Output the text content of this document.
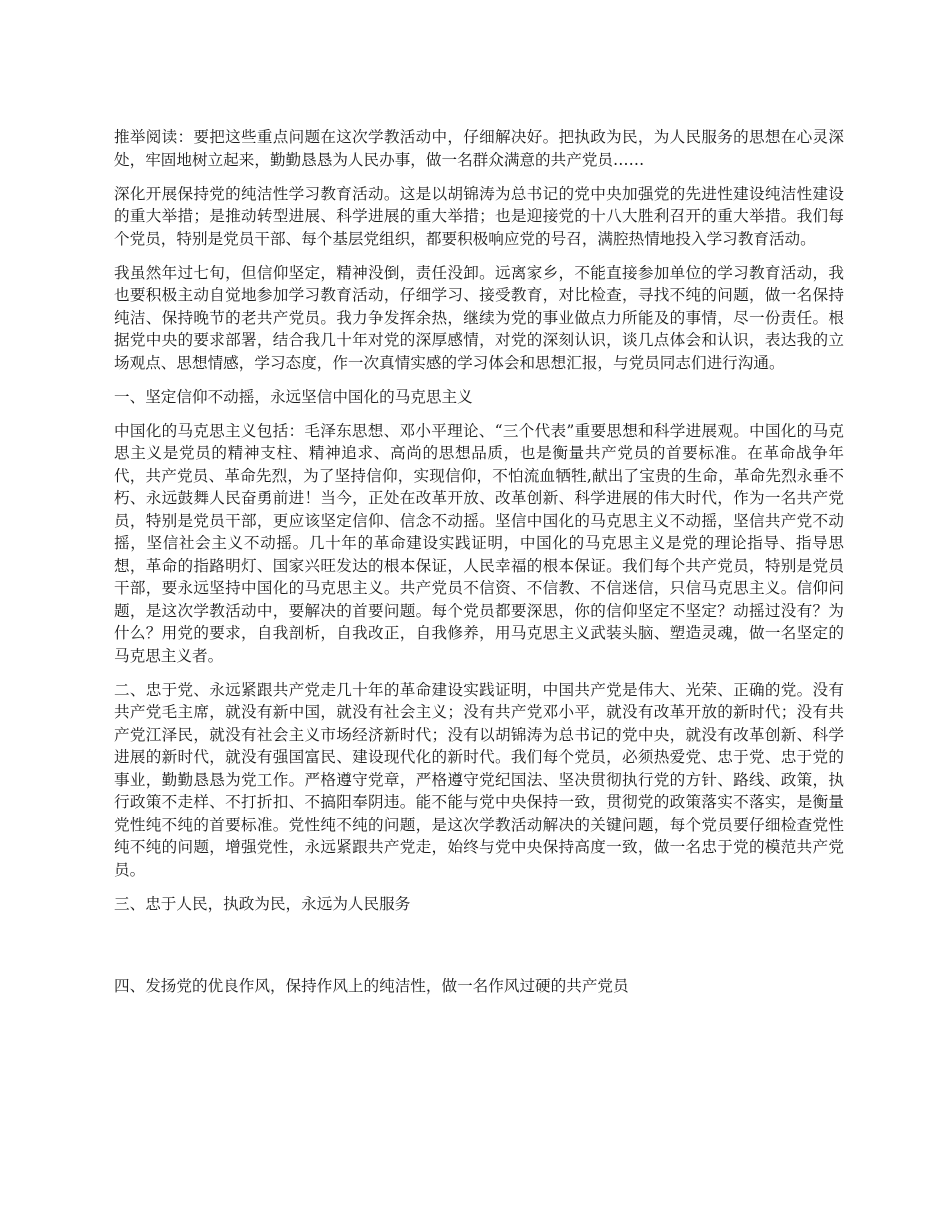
推举阅读：要把这些重点问题在这次学教活动中，仔细解决好。把执政为民，为人民服务的思想在心灵深处，牢固地树立起来，勤勤恳恳为人民办事，做一名群众满意的共产党员……

深化开展保持党的纯洁性学习教育活动。这是以胡锦涛为总书记的党中央加强党的先进性建设纯洁性建设的重大举措；是推动转型进展、科学进展的重大举措；也是迎接党的十八大胜利召开的重大举措。我们每个党员，特别是党员干部、每个基层党组织，都要积极响应党的号召，满腔热情地投入学习教育活动。

我虽然年过七旬，但信仰坚定，精神没倒，责任没卸。远离家乡，不能直接参加单位的学习教育活动，我也要积极主动自觉地参加学习教育活动，仔细学习、接受教育，对比检查，寻找不纯的问题，做一名保持纯洁、保持晚节的老共产党员。我力争发挥余热，继续为党的事业做点力所能及的事情，尽一份责任。根据党中央的要求部署，结合我几十年对党的深厚感情，对党的深刻认识，谈几点体会和认识，表达我的立场观点、思想情感，学习态度，作一次真情实感的学习体会和思想汇报，与党员同志们进行沟通。

一、坚定信仰不动摇，永远坚信中国化的马克思主义

中国化的马克思主义包括：毛泽东思想、邓小平理论、“三个代表”重要思想和科学进展观。中国化的马克思主义是党员的精神支柱、精神追求、高尚的思想品质，也是衡量共产党员的首要标准。在革命战争年代，共产党员、革命先烈，为了坚持信仰，实现信仰，不怕流血牺牲,献出了宝贵的生命，革命先烈永垂不朽、永远鼓舞人民奋勇前进！当今，正处在改革开放、改革创新、科学进展的伟大时代，作为一名共产党员，特别是党员干部，更应该坚定信仰、信念不动摇。坚信中国化的马克思主义不动摇，坚信共产党不动摇，坚信社会主义不动摇。几十年的革命建设实践证明，中国化的马克思主义是党的理论指导、指导思想，革命的指路明灯、国家兴旺发达的根本保证，人民幸福的根本保证。我们每个共产党员，特别是党员干部，要永远坚持中国化的马克思主义。共产党员不信资、不信教、不信迷信，只信马克思主义。信仰问题，是这次学教活动中，要解决的首要问题。每个党员都要深思，你的信仰坚定不坚定？动摇过没有？为什么？用党的要求，自我剖析，自我改正，自我修养，用马克思主义武装头脑、塑造灵魂，做一名坚定的马克思主义者。

二、忠于党、永远紧跟共产党走几十年的革命建设实践证明，中国共产党是伟大、光荣、正确的党。没有共产党毛主席，就没有新中国，就没有社会主义；没有共产党邓小平，就没有改革开放的新时代；没有共产党江泽民，就没有社会主义市场经济新时代；没有以胡锦涛为总书记的党中央，就没有改革创新、科学进展的新时代，就没有强国富民、建设现代化的新时代。我们每个党员，必须热爱党、忠于党、忠于党的事业，勤勤恳恳为党工作。严格遵守党章，严格遵守党纪国法、坚决贯彻执行党的方针、路线、政策，执行政策不走样、不打折扣、不搞阳奉阴违。能不能与党中央保持一致，贯彻党的政策落实不落实，是衡量党性纯不纯的首要标准。党性纯不纯的问题，是这次学教活动解决的关键问题，每个党员要仔细检查党性纯不纯的问题，增强党性，永远紧跟共产党走，始终与党中央保持高度一致，做一名忠于党的模范共产党员。

三、忠于人民，执政为民，永远为人民服务

四、发扬党的优良作风，保持作风上的纯洁性，做一名作风过硬的共产党员
